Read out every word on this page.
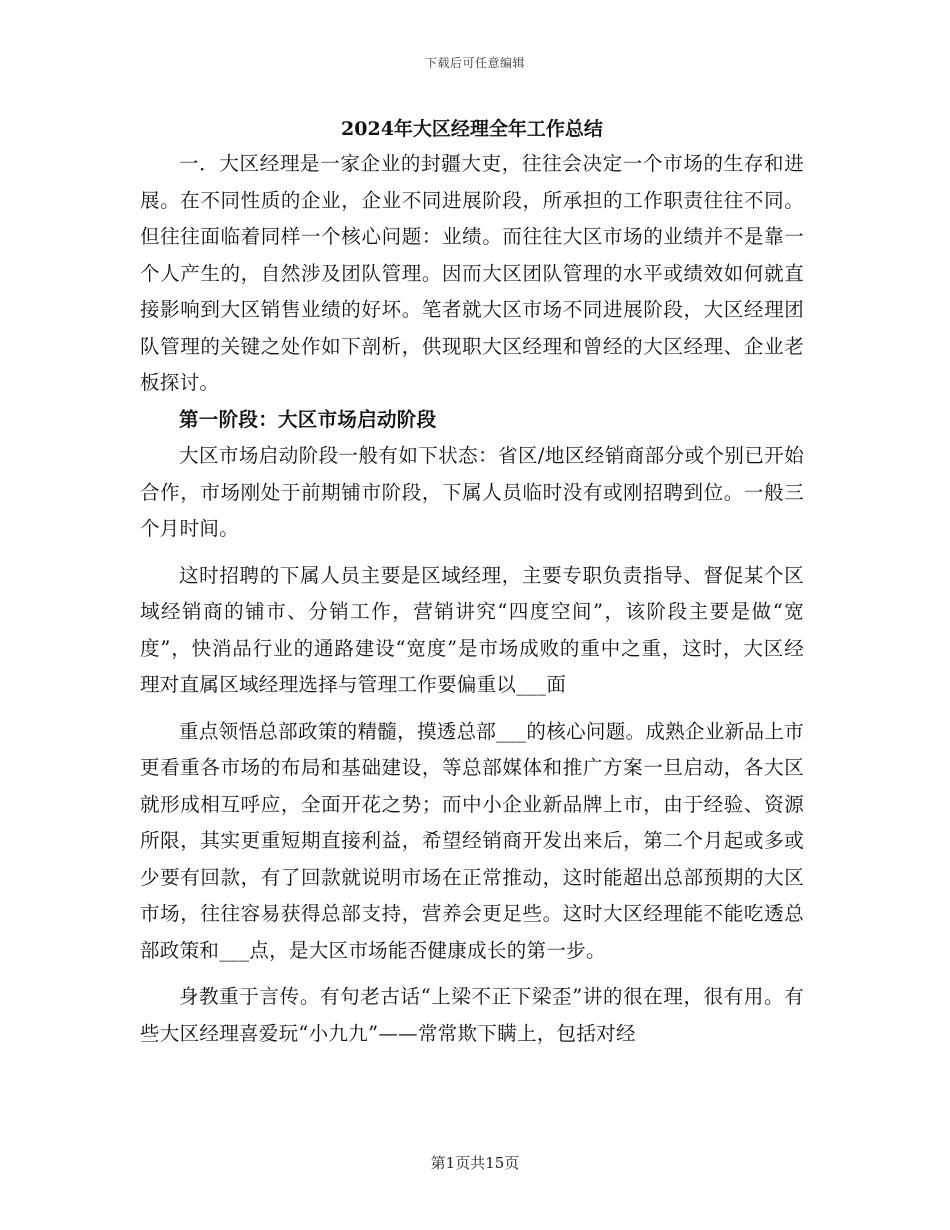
下载后可任意编辑
2024年大区经理全年工作总结

一．大区经理是一家企业的封疆大吏，往往会决定一个市场的生存和进展。在不同性质的企业，企业不同进展阶段，所承担的工作职责往往不同。但往往面临着同样一个核心问题：业绩。而往往大区市场的业绩并不是靠一个人产生的，自然涉及团队管理。因而大区团队管理的水平或绩效如何就直接影响到大区销售业绩的好坏。笔者就大区市场不同进展阶段，大区经理团队管理的关键之处作如下剖析，供现职大区经理和曾经的大区经理、企业老板探讨。

第一阶段：大区市场启动阶段

大区市场启动阶段一般有如下状态：省区/地区经销商部分或个别已开始合作，市场刚处于前期铺市阶段，下属人员临时没有或刚招聘到位。一般三个月时间。

这时招聘的下属人员主要是区域经理，主要专职负责指导、督促某个区域经销商的铺市、分销工作，营销讲究“四度空间”，该阶段主要是做“宽度”，快消品行业的通路建设“宽度”是市场成败的重中之重，这时，大区经理对直属区域经理选择与管理工作要偏重以___面

重点领悟总部政策的精髓，摸透总部___的核心问题。成熟企业新品上市更看重各市场的布局和基础建设，等总部媒体和推广方案一旦启动，各大区就形成相互呼应，全面开花之势；而中小企业新品牌上市，由于经验、资源所限，其实更重短期直接利益，希望经销商开发出来后，第二个月起或多或少要有回款，有了回款就说明市场在正常推动，这时能超出总部预期的大区市场，往往容易获得总部支持，营养会更足些。这时大区经理能不能吃透总部政策和___点，是大区市场能否健康成长的第一步。

身教重于言传。有句老古话“上梁不正下梁歪”讲的很在理，很有用。有些大区经理喜爱玩“小九九”——常常欺下瞒上，包括对经

第1页共15页
